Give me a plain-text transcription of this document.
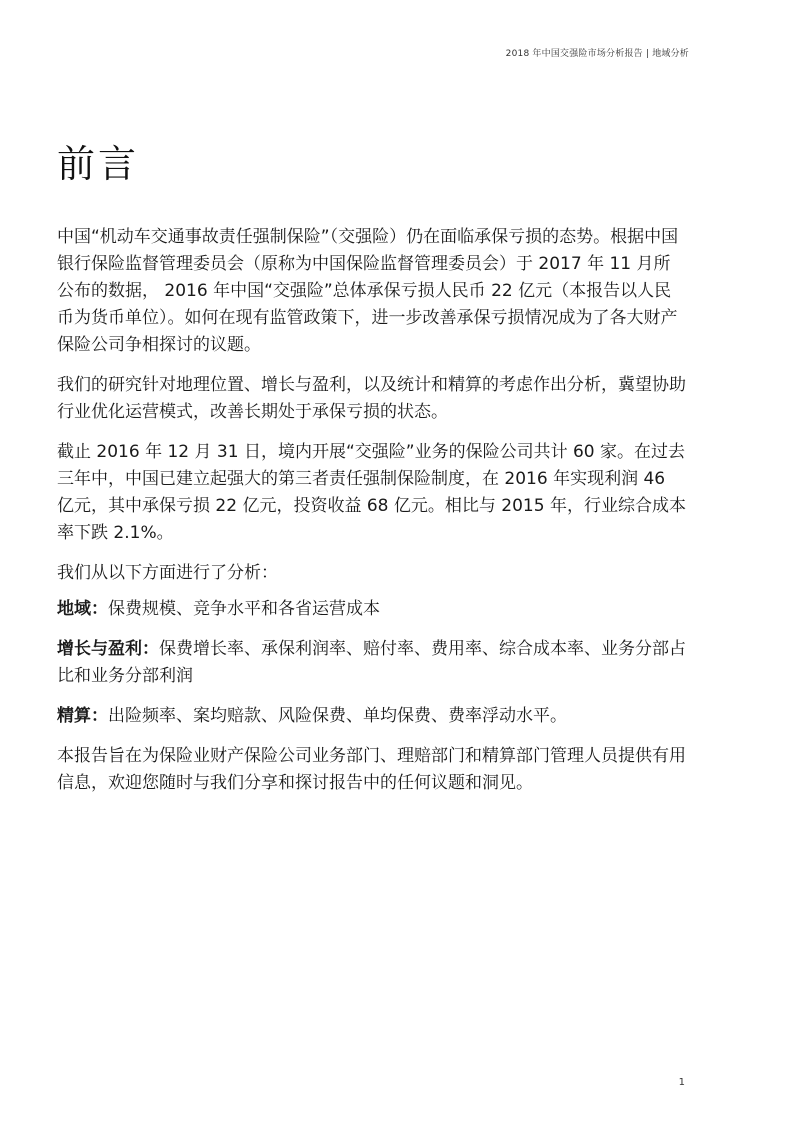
2018 年中国交强险市场分析报告 | 地域分析
前言

中国“机动车交通事故责任强制保险”（交强险）仍在面临承保亏损的态势。根据中国银行保险监督管理委员会（原称为中国保险监督管理委员会）于 2017 年 11 月所公布的数据， 2016 年中国“交强险”总体承保亏损人民币 22 亿元（本报告以人民币为货币单位）。如何在现有监管政策下，进一步改善承保亏损情况成为了各大财产保险公司争相探讨的议题。

我们的研究针对地理位置、增长与盈利，以及统计和精算的考虑作出分析，冀望协助行业优化运营模式，改善长期处于承保亏损的状态。

截止 2016 年 12 月 31 日，境内开展“交强险”业务的保险公司共计 60 家。在过去三年中，中国已建立起强大的第三者责任强制保险制度，在 2016 年实现利润 46 亿元，其中承保亏损 22 亿元，投资收益 68 亿元。相比与 2015 年，行业综合成本率下跌 2.1%。

我们从以下方面进行了分析：

地域：保费规模、竞争水平和各省运营成本

增长与盈利：保费增长率、承保利润率、赔付率、费用率、综合成本率、业务分部占比和业务分部利润

精算：出险频率、案均赔款、风险保费、单均保费、费率浮动水平。

本报告旨在为保险业财产保险公司业务部门、理赔部门和精算部门管理人员提供有用信息，欢迎您随时与我们分享和探讨报告中的任何议题和洞见。

1
